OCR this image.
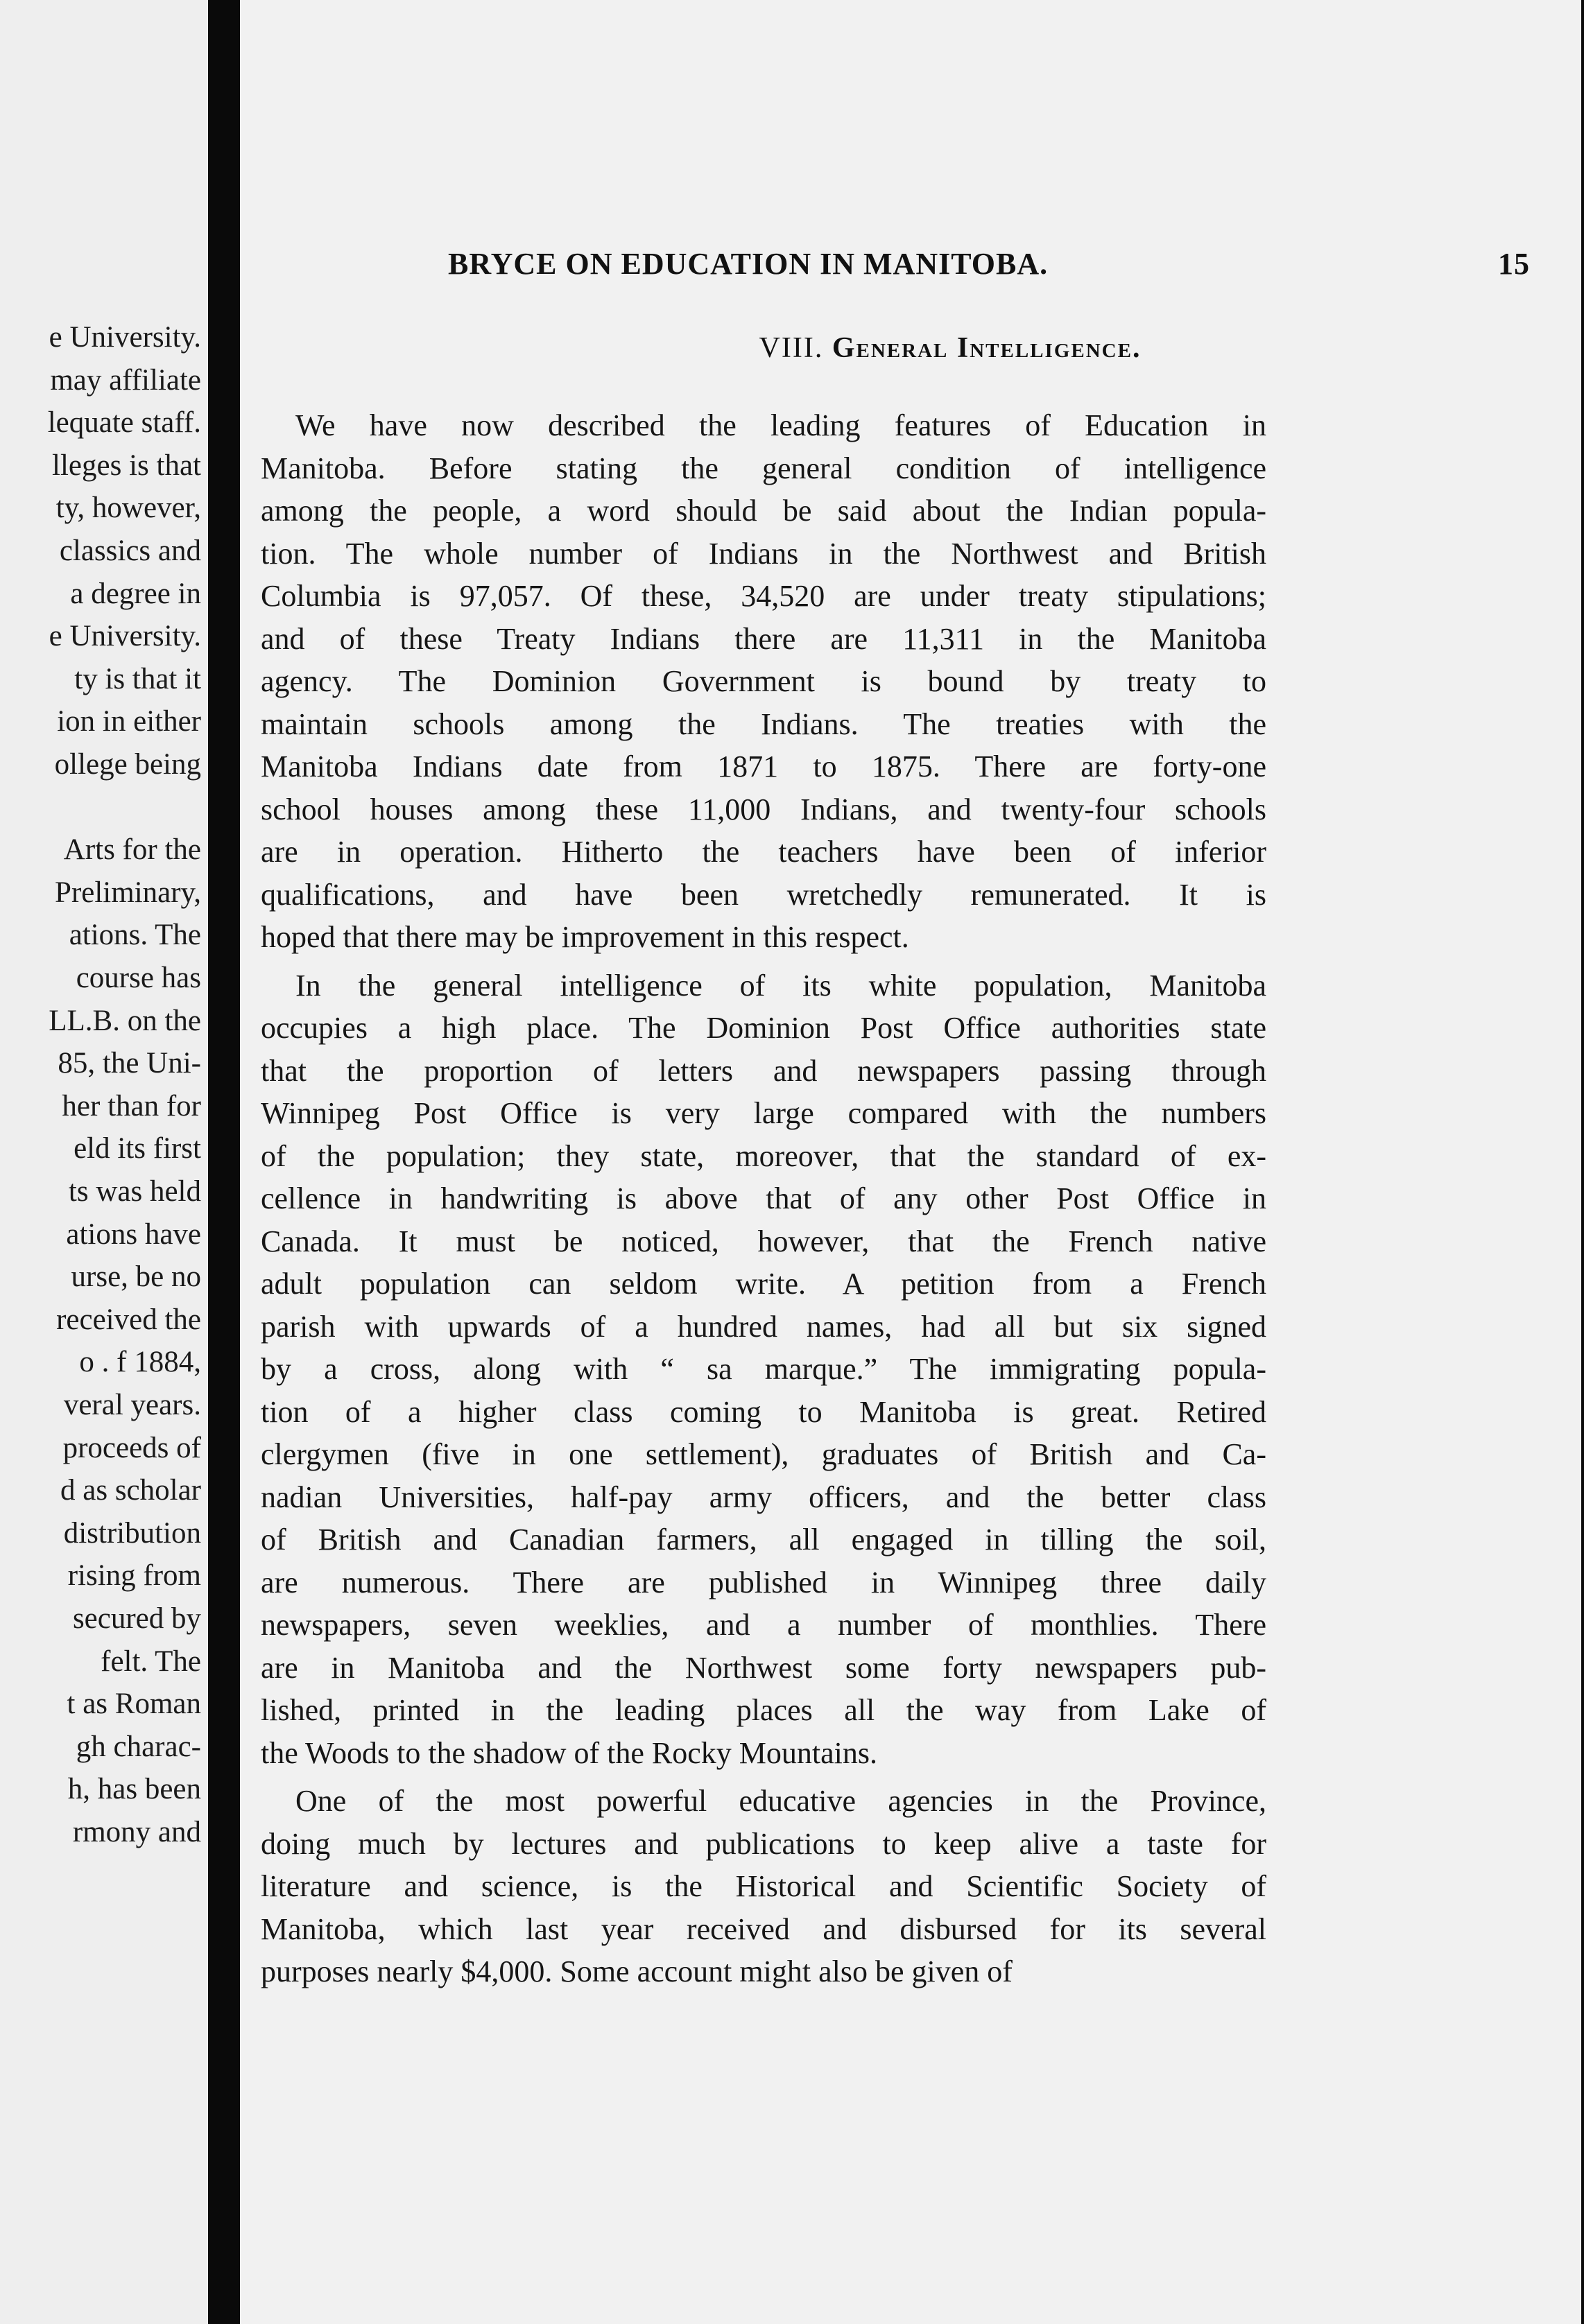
e University.
may affiliate
lequate staff.
lleges is that
ty, however,
classics and
a degree in
e University.
ty is that it
ion in either
ollege being
Arts for the
Preliminary,
ations. The
course has
LL.B. on the
85, the Uni-
her than for
eld its first
ts was held
ations have
urse, be no
received the
o . f 1884,
veral years.
proceeds of
d as scholar
distribution
rising from
secured by
felt. The
t as Roman
gh charac-
h, has been
rmony and
BRYCE ON EDUCATION IN MANITOBA.	15
VIII. General Intelligence.
We have now described the leading features of Education in
Manitoba. Before stating the general condition of intelligence
among the people, a word should be said about the Indian popula-
tion. The whole number of Indians in the Northwest and British
Columbia is 97,057. Of these, 34,520 are under treaty stipulations;
and of these Treaty Indians there are 11,311 in the Manitoba
agency. The Dominion Government is bound by treaty to
maintain schools among the Indians. The treaties with the
Manitoba Indians date from 1871 to 1875. There are forty-one
school houses among these 11,000 Indians, and twenty-four schools
are in operation. Hitherto the teachers have been of inferior
qualifications, and have been wretchedly remunerated. It is
hoped that there may be improvement in this respect.
In the general intelligence of its white population, Manitoba
occupies a high place. The Dominion Post Office authorities state
that the proportion of letters and newspapers passing through
Winnipeg Post Office is very large compared with the numbers
of the population; they state, moreover, that the standard of ex-
cellence in handwriting is above that of any other Post Office in
Canada. It must be noticed, however, that the French native
adult population can seldom write. A petition from a French
parish with upwards of a hundred names, had all but six signed
by a cross, along with “ sa marque.” The immigrating popula-
tion of a higher class coming to Manitoba is great. Retired
clergymen (five in one settlement), graduates of British and Ca-
nadian Universities, half-pay army officers, and the better class
of British and Canadian farmers, all engaged in tilling the soil,
are numerous. There are published in Winnipeg three daily
newspapers, seven weeklies, and a number of monthlies. There
are in Manitoba and the Northwest some forty newspapers pub-
lished, printed in the leading places all the way from Lake of
the Woods to the shadow of the Rocky Mountains.
One of the most powerful educative agencies in the Province,
doing much by lectures and publications to keep alive a taste for
literature and science, is the Historical and Scientific Society of
Manitoba, which last year received and disbursed for its several
purposes nearly $4,000. Some account might also be given of
